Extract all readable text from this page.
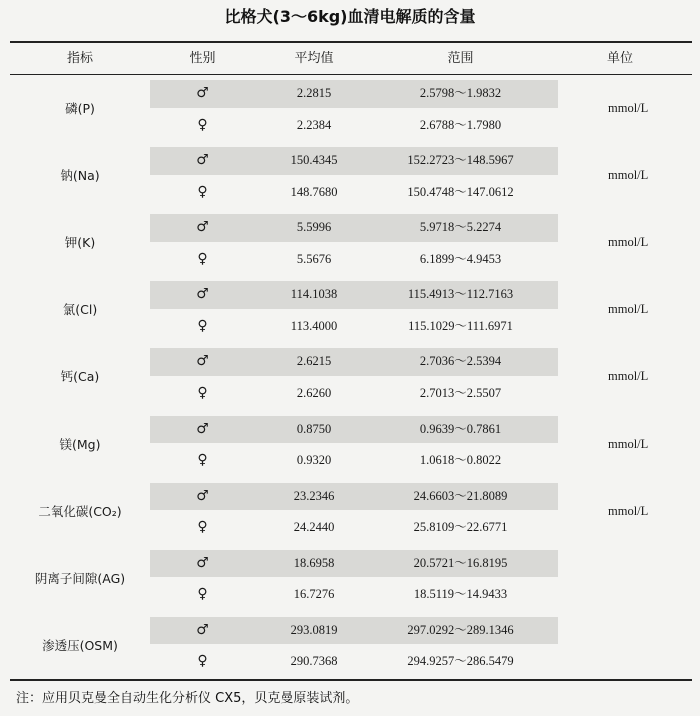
比格犬(3～6kg)血清电解质的含量
指标	性别	平均值	范围	单位
磷(P)
♂	2.2815	2.5798～1.9832
♀	2.2384	2.6788～1.7980
mmol/L
钠(Na)
♂	150.4345	152.2723～148.5967
♀	148.7680	150.4748～147.0612
mmol/L
钾(K)
♂	5.5996	5.9718～5.2274
♀	5.5676	6.1899～4.9453
mmol/L
氯(Cl)
♂	114.1038	115.4913～112.7163
♀	113.4000	115.1029～111.6971
mmol/L
钙(Ca)
♂	2.6215	2.7036～2.5394
♀	2.6260	2.7013～2.5507
mmol/L
镁(Mg)
♂	0.8750	0.9639～0.7861
♀	0.9320	1.0618～0.8022
mmol/L
二氧化碳(CO₂)
♂	23.2346	24.6603～21.8089
♀	24.2440	25.8109～22.6771
mmol/L
阴离子间隙(AG)
♂	18.6958	20.5721～16.8195
♀	16.7276	18.5119～14.9433
渗透压(OSM)
♂	293.0819	297.0292～289.1346
♀	290.7368	294.9257～286.5479
注：应用贝克曼全自动生化分析仪 CX5，贝克曼原装试剂。
